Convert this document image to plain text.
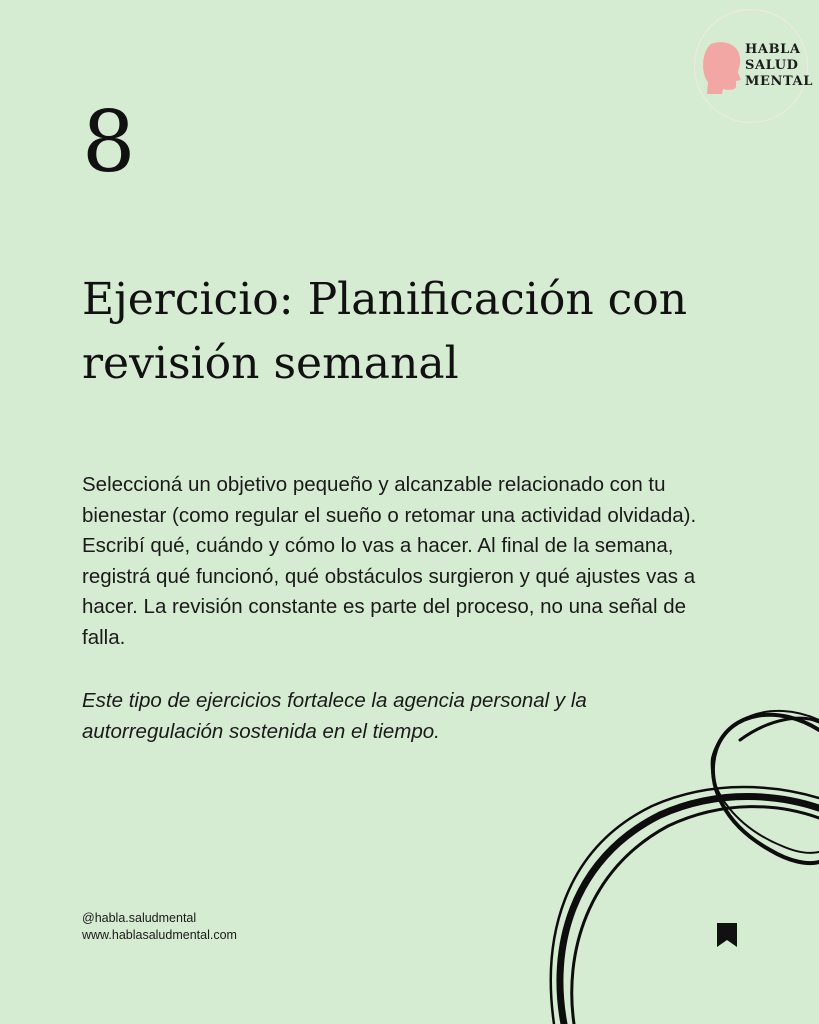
HABLA
SALUD
MENTAL
8
Ejercicio: Planificación con revisión semanal

Seleccioná un objetivo pequeño y alcanzable relacionado con tu bienestar (como regular el sueño o retomar una actividad olvidada). Escribí qué, cuándo y cómo lo vas a hacer. Al final de la semana, registrá qué funcionó, qué obstáculos surgieron y qué ajustes vas a hacer. La revisión constante es parte del proceso, no una señal de falla.

Este tipo de ejercicios fortalece la agencia personal y la autorregulación sostenida en el tiempo.

@habla.saludmental
www.hablasaludmental.com
